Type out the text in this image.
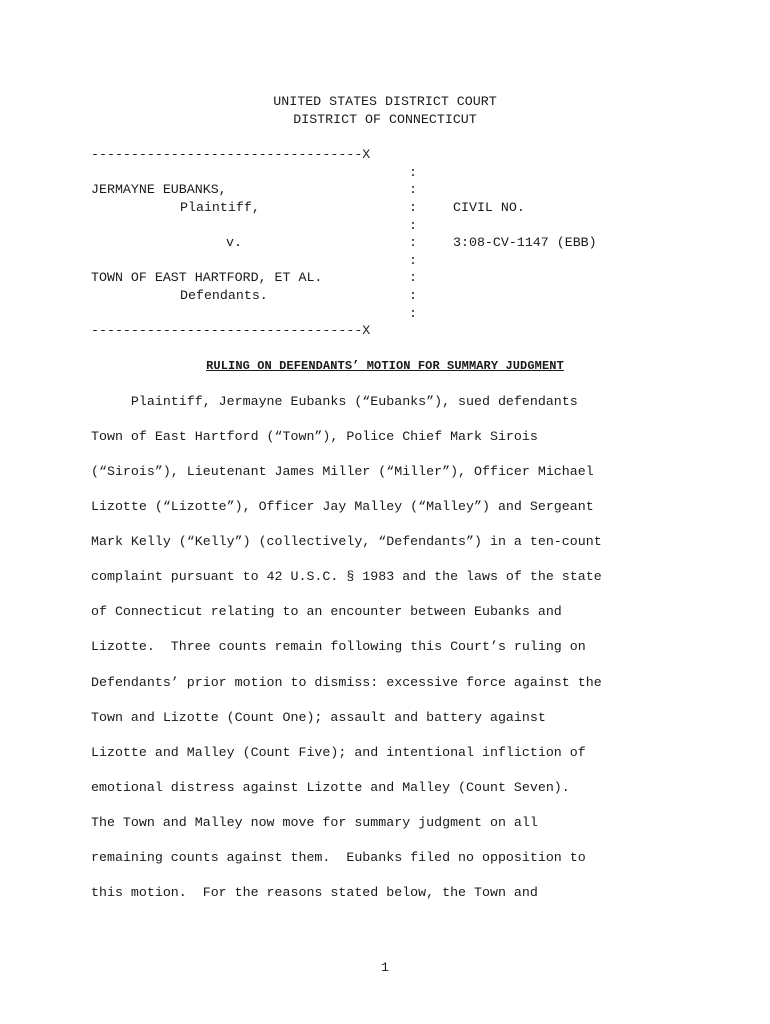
UNITED STATES DISTRICT COURT
DISTRICT OF CONNECTICUT
----------------------------------X
JERMAYNE EUBANKS,
Plaintiff,
v.
TOWN OF EAST HARTFORD, ET AL.
Defendants.
:
:
:
:
:
:
:
:
:
----------------------------------X
CIVIL NO.
3:08-CV-1147 (EBB)
RULING ON DEFENDANTS’ MOTION FOR SUMMARY JUDGMENT
Plaintiff, Jermayne Eubanks (“Eubanks”), sued defendants
Town of East Hartford (“Town”), Police Chief Mark Sirois
(“Sirois”), Lieutenant James Miller (“Miller”), Officer Michael
Lizotte (“Lizotte”), Officer Jay Malley (“Malley”) and Sergeant
Mark Kelly (“Kelly”) (collectively, “Defendants”) in a ten-count
complaint pursuant to 42 U.S.C. § 1983 and the laws of the state
of Connecticut relating to an encounter between Eubanks and
Lizotte.  Three counts remain following this Court’s ruling on
Defendants’ prior motion to dismiss: excessive force against the
Town and Lizotte (Count One); assault and battery against
Lizotte and Malley (Count Five); and intentional infliction of
emotional distress against Lizotte and Malley (Count Seven).
The Town and Malley now move for summary judgment on all
remaining counts against them.  Eubanks filed no opposition to
this motion.  For the reasons stated below, the Town and
1
